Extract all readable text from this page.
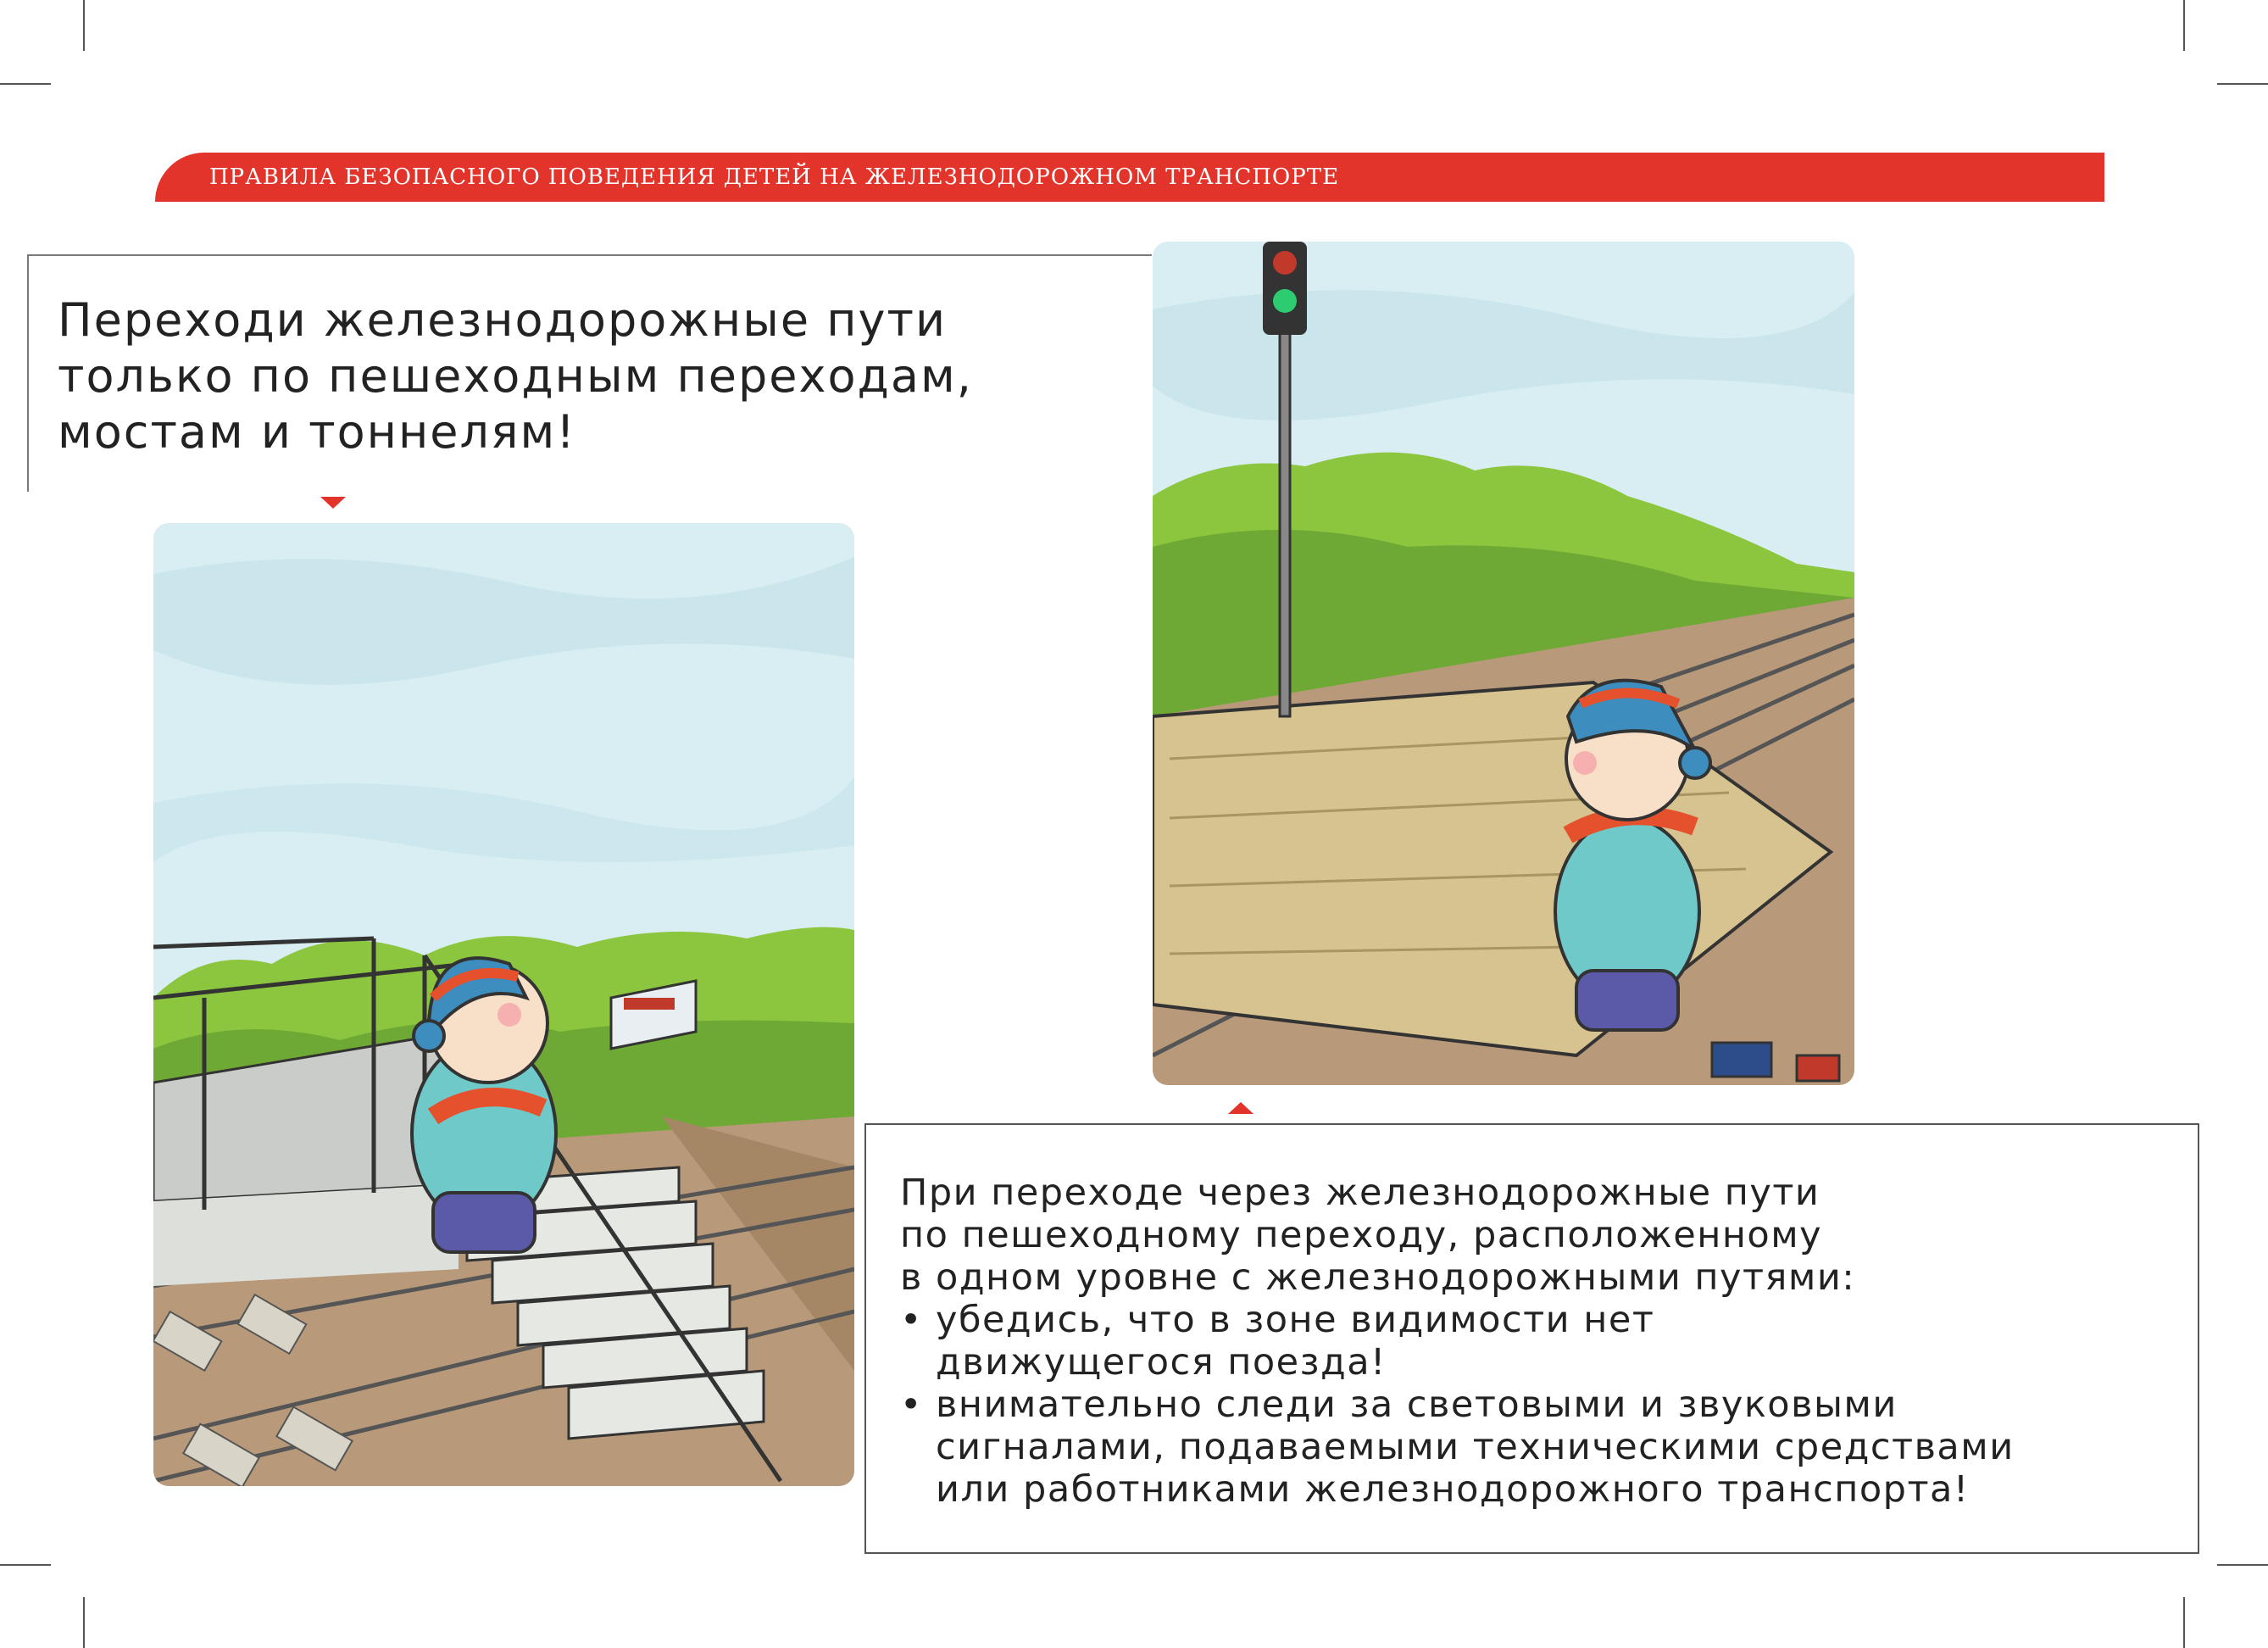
ПРАВИЛА БЕЗОПАСНОГО ПОВЕДЕНИЯ ДЕТЕЙ НА ЖЕЛЕЗНОДОРОЖНОМ ТРАНСПОРТЕ
Переходи железнодорожные пути
только по пешеходным переходам,
мостам и тоннелям!
При переходе через железнодорожные пути
по пешеходному переходу, расположенному
в одном уровне с железнодорожными путями:
• убедись, что в зоне видимости нет
движущегося поезда!
• внимательно следи за световыми и звуковыми
сигналами, подаваемыми техническими средствами
или работниками железнодорожного транспорта!
